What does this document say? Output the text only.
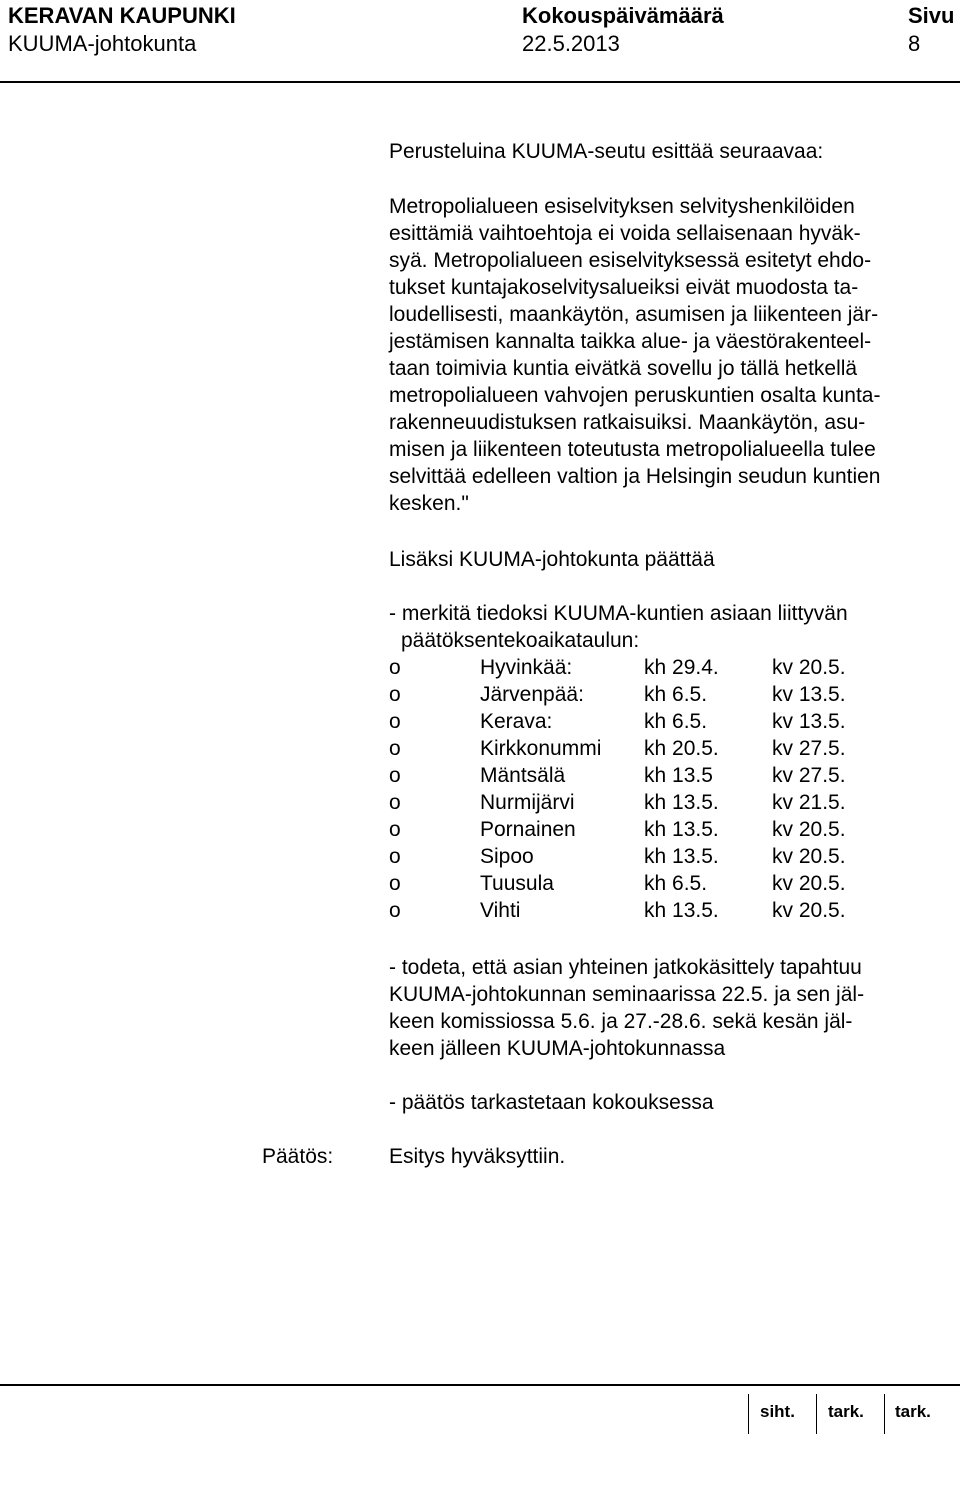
KERAVAN KAUPUNKI
KUUMA-johtokunta
Kokouspäivämäärä
22.5.2013
Sivu
8

Perusteluina KUUMA-seutu esittää seuraavaa:

Metropolialueen esiselvityksen selvityshenkilöiden
esittämiä vaihtoehtoja ei voida sellaisenaan hyväk-
syä. Metropolialueen esiselvityksessä esitetyt ehdo-
tukset kuntajakoselvitysalueiksi eivät muodosta ta-
loudellisesti, maankäytön, asumisen ja liikenteen jär-
jestämisen kannalta taikka alue- ja väestörakenteel-
taan toimivia kuntia eivätkä sovellu jo tällä hetkellä
metropolialueen vahvojen peruskuntien osalta kunta-
rakenneuudistuksen ratkaisuiksi. Maankäytön, asu-
misen ja liikenteen toteutusta metropolialueella tulee
selvittää edelleen valtion ja Helsingin seudun kuntien
kesken."

Lisäksi KUUMA-johtokunta päättää

- merkitä tiedoksi KUUMA-kuntien asiaan liittyvän
päätöksentekoaikataulun:
o	Hyvinkää:	kh 29.4.	kv 20.5.
o	Järvenpää:	kh 6.5.	kv 13.5.
o	Kerava:	kh 6.5.	kv 13.5.
o	Kirkkonummi kh 20.5.	kv 27.5.
o	Mäntsälä	kh 13.5	kv 27.5.
o	Nurmijärvi	kh 13.5.	kv 21.5.
o	Pornainen	kh 13.5.	kv 20.5.
o	Sipoo	kh 13.5.	kv 20.5.
o	Tuusula	kh 6.5.	kv 20.5.
o	Vihti	kh 13.5.	kv 20.5.
- todeta, että asian yhteinen jatkokäsittely tapahtuu
KUUMA-johtokunnan seminaarissa 22.5. ja sen jäl-
keen komissiossa 5.6. ja 27.-28.6. sekä kesän jäl-
keen jälleen KUUMA-johtokunnassa

- päätös tarkastetaan kokouksessa

Päätös:	Esitys hyväksyttiin.
siht. tark. tark.
